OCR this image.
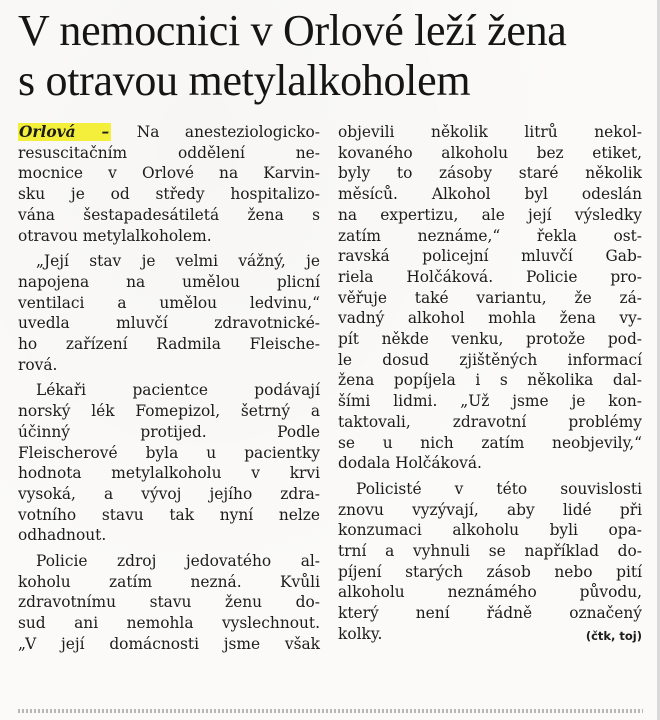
V nemocnici v Orlové leží žena
s otravou metylalkoholem
Orlová – Na anesteziologicko-
resuscitačním oddělení ne-
mocnice v Orlové na Karvin-
sku je od středy hospitalizo-
vána šestapadesátiletá žena s
otravou metylalkoholem.
„Její stav je velmi vážný, je
napojena na umělou plicní
ventilaci a umělou ledvinu,“
uvedla mluvčí zdravotnické-
ho zařízení Radmila Fleische-
rová.
Lékaři pacientce podávají
norský lék Fomepizol, šetrný a
účinný protijed. Podle
Fleischerové byla u pacientky
hodnota metylalkoholu v krvi
vysoká, a vývoj jejího zdra-
votního stavu tak nyní nelze
odhadnout.
Policie zdroj jedovatého al-
koholu zatím nezná. Kvůli
zdravotnímu stavu ženu do-
sud ani nemohla vyslechnout.
„V její domácnosti jsme však
objevili několik litrů nekol-
kovaného alkoholu bez etiket,
byly to zásoby staré několik
měsíců. Alkohol byl odeslán
na expertizu, ale její výsledky
zatím neznáme,“ řekla ost-
ravská policejní mluvčí Gab-
riela Holčáková. Policie pro-
věřuje také variantu, že zá-
vadný alkohol mohla žena vy-
pít někde venku, protože pod-
le dosud zjištěných informací
žena popíjela i s několika dal-
šími lidmi. „Už jsme je kon-
taktovali, zdravotní problémy
se u nich zatím neobjevily,“
dodala Holčáková.
Policisté v této souvislosti
znovu vyzývají, aby lidé při
konzumaci alkoholu byli opa-
trní a vyhnuli se například do-
píjení starých zásob nebo pití
alkoholu neznámého původu,
který není řádně označený
kolky.	(čtk, toj)
